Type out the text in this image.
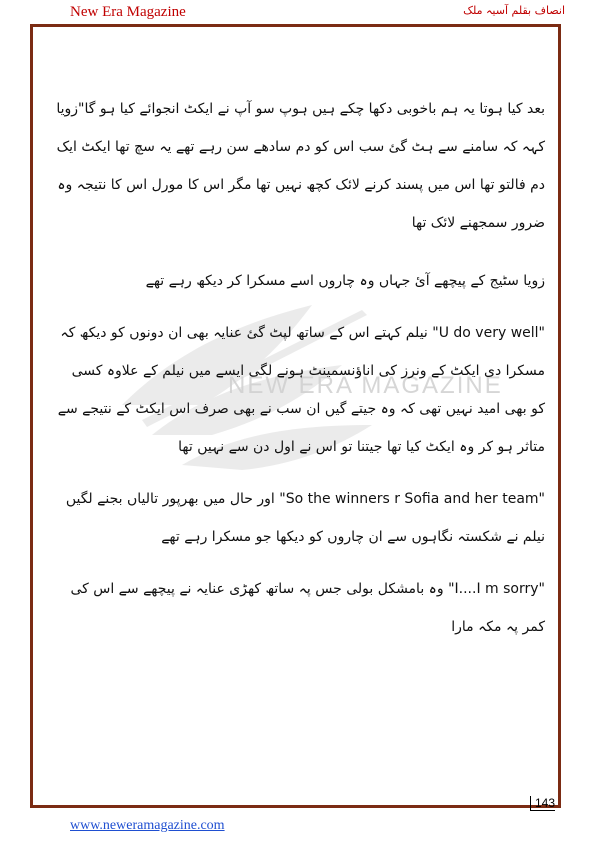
New Era Magazine	انصاف بقلم آسیہ ملک
NEW ERA MAGAZINE

بعد کیا ہوتا یہ ہم باخوبی دکھا چکے ہیں ہوپ سو آپ نے ایکٹ انجوائے کیا ہو گا"زویا کہہ کہ سامنے سے ہٹ گئ سب اس کو دم سادھے سن رہے تھے یہ سچ تھا ایکٹ ایک دم فالتو تھا اس میں پسند کرنے لائک کچھ نہیں تھا مگر اس کا مورل اس کا نتیجہ وہ ضرور سمجھنے لائک تھا

زویا سٹیج کے پیچھے آئ جہاں وہ چاروں اسے مسکرا کر دیکھ رہے تھے

"U do very well" نیلم کہتے اس کے ساتھ لپٹ گئ عنایہ بھی ان دونوں کو دیکھ کہ مسکرا دی ایکٹ کے ونرز کی اناؤنسمینٹ ہونے لگی ایسے میں نیلم کے علاوہ کسی کو بھی امید نہیں تھی کہ وہ جیتے گیں ان سب نے بھی صرف اس ایکٹ کے نتیجے سے متاثر ہو کر وہ ایکٹ کیا تھا جیتنا تو اس نے اول دن سے نہیں تھا

"So the winners r Sofia and her team" اور حال میں بھرپور تالیاں بجنے لگیں نیلم نے شکستہ نگاہوں سے ان چاروں کو دیکھا جو مسکرا رہے تھے

"I....I m sorry" وہ بامشکل بولی جس پہ ساتھ کھڑی عنایہ نے پیچھے سے اس کی کمر پہ مکہ مارا

143
www.neweramagazine.com
